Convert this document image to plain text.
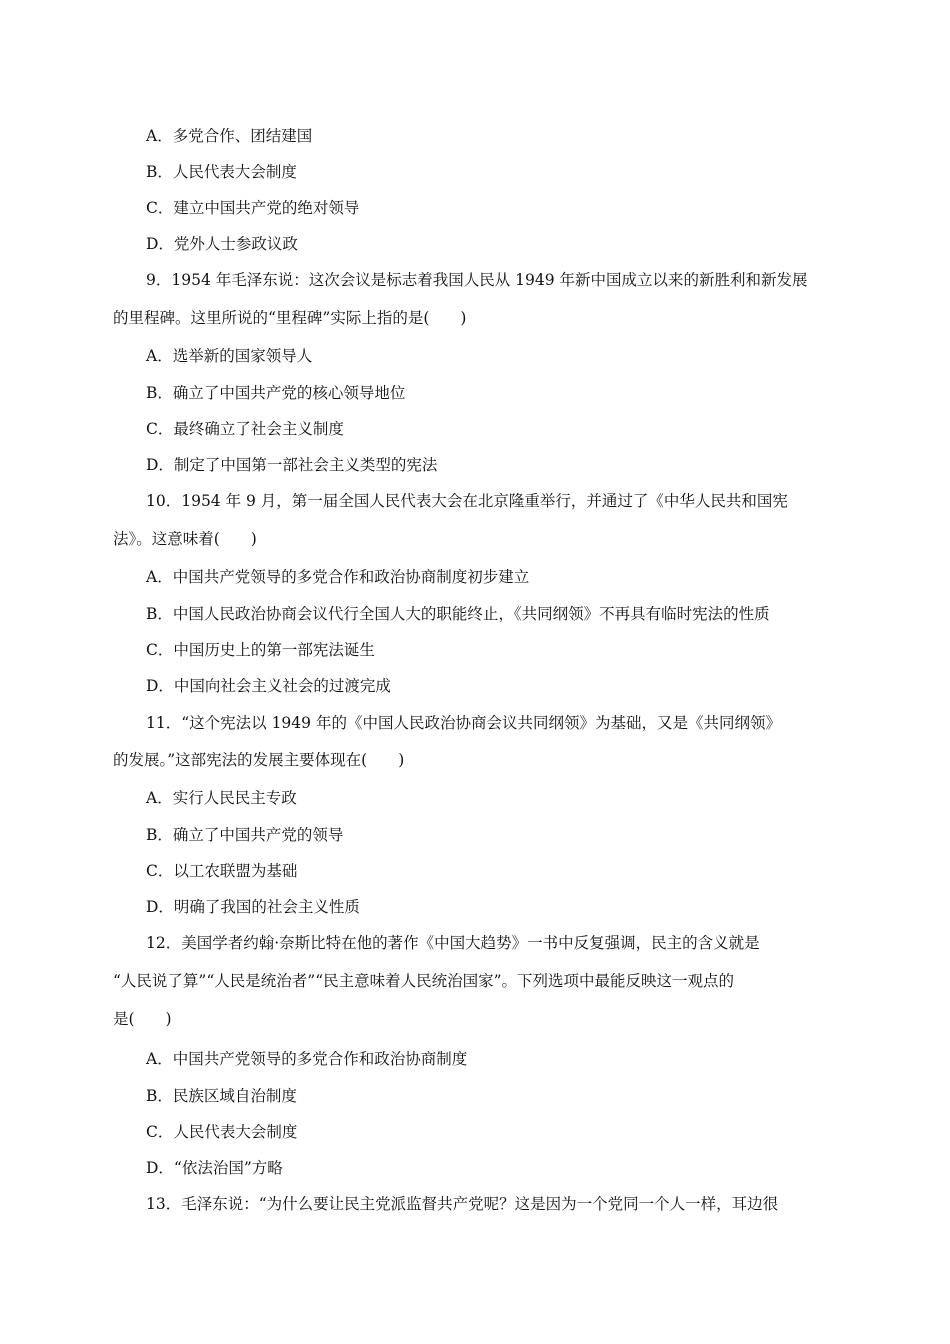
A．多党合作、团结建国
B．人民代表大会制度
C．建立中国共产党的绝对领导
D．党外人士参政议政
9．1954 年毛泽东说：这次会议是标志着我国人民从 1949 年新中国成立以来的新胜利和新发展
的里程碑。这里所说的“里程碑”实际上指的是(　　)
A．选举新的国家领导人
B．确立了中国共产党的核心领导地位
C．最终确立了社会主义制度
D．制定了中国第一部社会主义类型的宪法
10．1954 年 9 月，第一届全国人民代表大会在北京隆重举行，并通过了《中华人民共和国宪
法》。这意味着(　　)
A．中国共产党领导的多党合作和政治协商制度初步建立
B．中国人民政治协商会议代行全国人大的职能终止，《共同纲领》不再具有临时宪法的性质
C．中国历史上的第一部宪法诞生
D．中国向社会主义社会的过渡完成
11．“这个宪法以 1949 年的《中国人民政治协商会议共同纲领》为基础，又是《共同纲领》
的发展。”这部宪法的发展主要体现在(　　)
A．实行人民民主专政
B．确立了中国共产党的领导
C．以工农联盟为基础
D．明确了我国的社会主义性质
12．美国学者约翰·奈斯比特在他的著作《中国大趋势》一书中反复强调，民主的含义就是
“人民说了算”“人民是统治者”“民主意味着人民统治国家”。下列选项中最能反映这一观点的
是(　　)
A．中国共产党领导的多党合作和政治协商制度
B．民族区域自治制度
C．人民代表大会制度
D．“依法治国”方略
13．毛泽东说：“为什么要让民主党派监督共产党呢？这是因为一个党同一个人一样，耳边很
